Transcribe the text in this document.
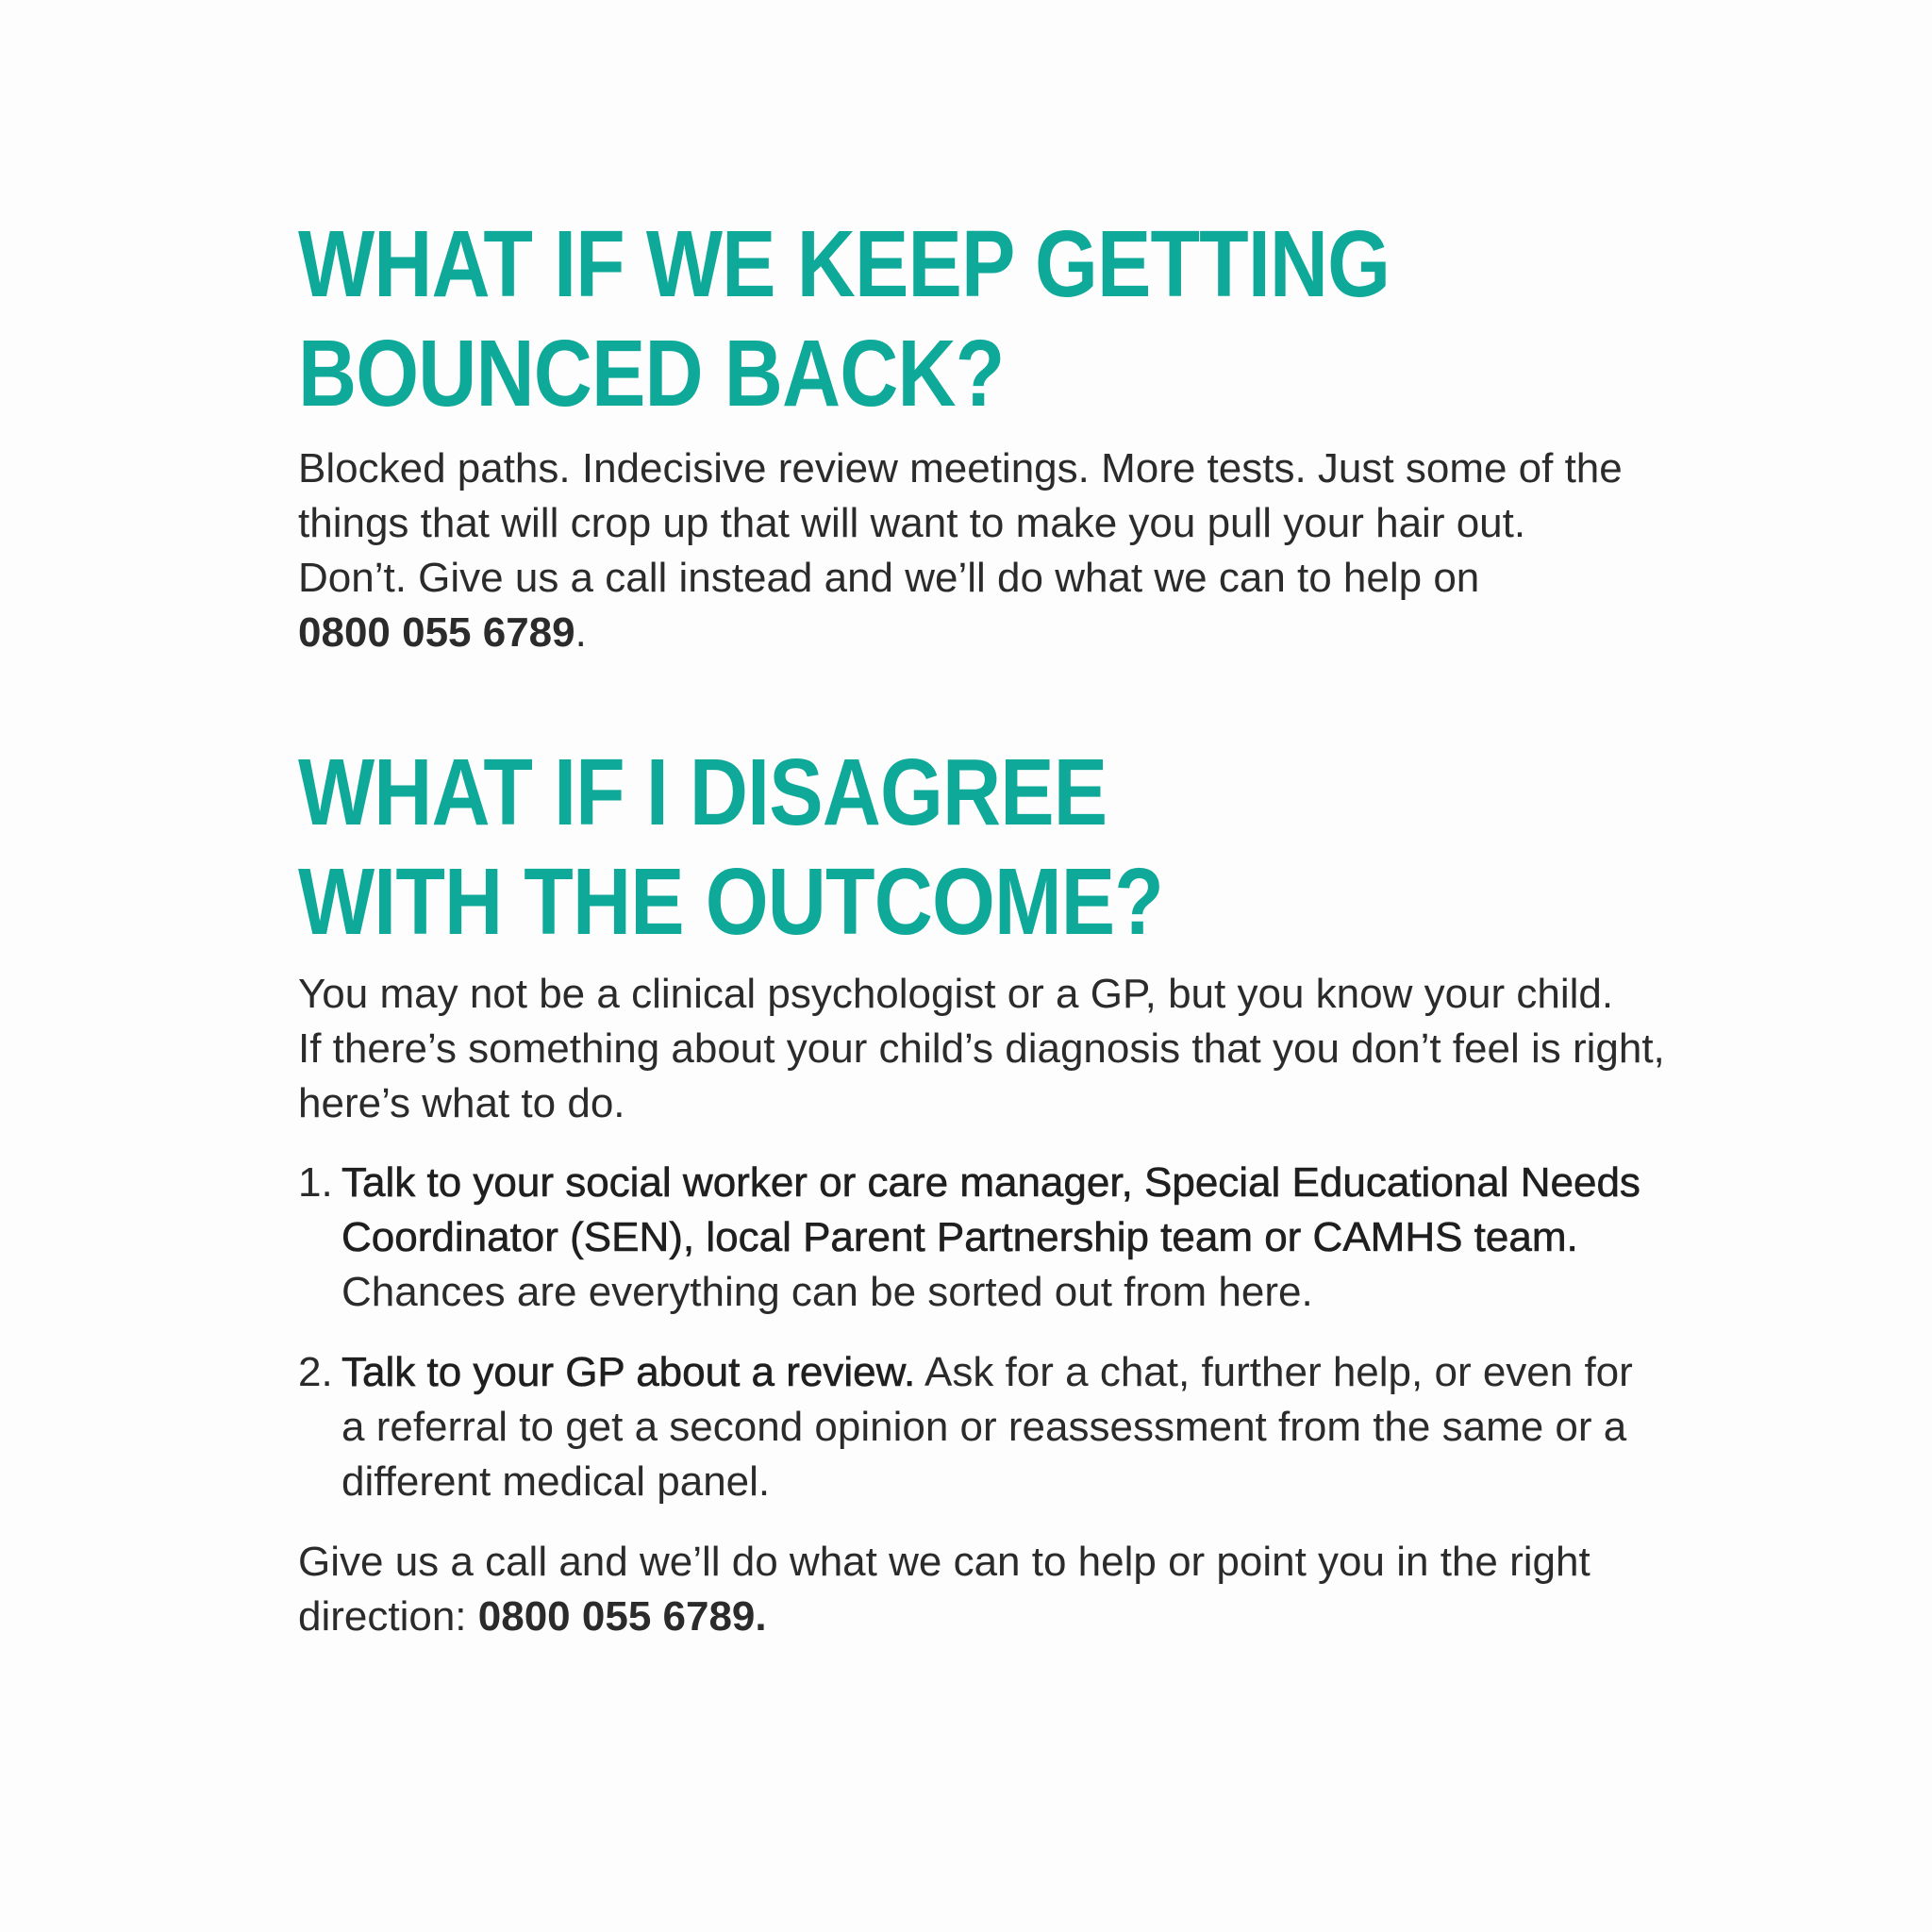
WHAT IF WE KEEP GETTING
BOUNCED BACK?

Blocked paths. Indecisive review meetings. More tests. Just some of the
things that will crop up that will want to make you pull your hair out.
Don’t. Give us a call instead and we’ll do what we can to help on
0800 055 6789.

WHAT IF I DISAGREE
WITH THE OUTCOME?

You may not be a clinical psychologist or a GP, but you know your child.
If there’s something about your child’s diagnosis that you don’t feel is right,
here’s what to do.

1. Talk to your social worker or care manager, Special Educational Needs
Coordinator (SEN), local Parent Partnership team or CAMHS team.
Chances are everything can be sorted out from here.
2. Talk to your GP about a review. Ask for a chat, further help, or even for
a referral to get a second opinion or reassessment from the same or a
different medical panel.

Give us a call and we’ll do what we can to help or point you in the right
direction: 0800 055 6789.
